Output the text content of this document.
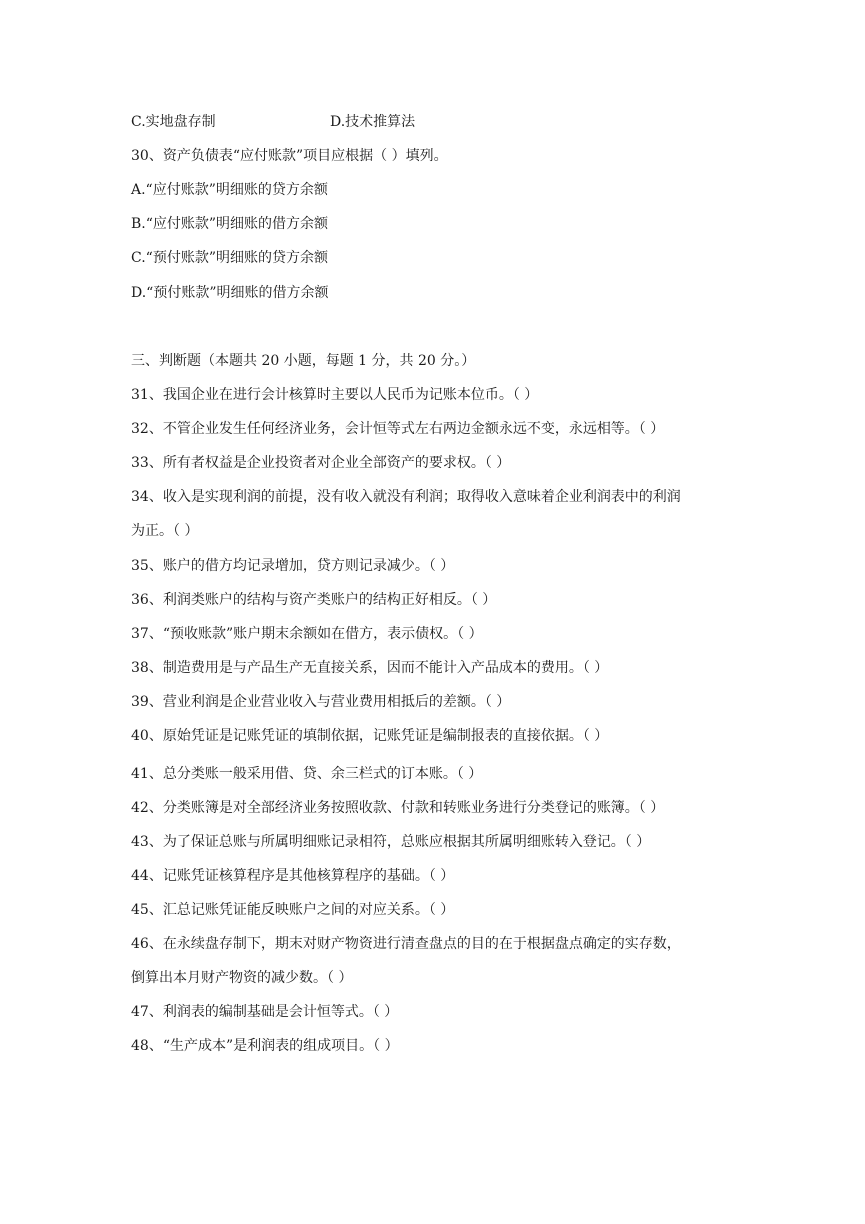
C.实地盘存制	D.技术推算法
30、资产负债表“应付账款”项目应根据（ ）填列。
A.“应付账款”明细账的贷方余额
B.“应付账款”明细账的借方余额
C.“预付账款”明细账的贷方余额
D.“预付账款”明细账的借方余额
三、判断题（本题共 20 小题，每题 1 分，共 20 分。）
31、我国企业在进行会计核算时主要以人民币为记账本位币。（ ）
32、不管企业发生任何经济业务，会计恒等式左右两边金额永远不变，永远相等。（ ）
33、所有者权益是企业投资者对企业全部资产的要求权。（ ）
34、收入是实现利润的前提，没有收入就没有利润；取得收入意味着企业利润表中的利润
为正。（ ）
35、账户的借方均记录增加，贷方则记录减少。（ ）
36、利润类账户的结构与资产类账户的结构正好相反。（ ）
37、“预收账款”账户期末余额如在借方，表示债权。（ ）
38、制造费用是与产品生产无直接关系，因而不能计入产品成本的费用。（ ）
39、营业利润是企业营业收入与营业费用相抵后的差额。（ ）
40、原始凭证是记账凭证的填制依据，记账凭证是编制报表的直接依据。（ ）
41、总分类账一般采用借、贷、余三栏式的订本账。（ ）
42、分类账簿是对全部经济业务按照收款、付款和转账业务进行分类登记的账簿。（ ）
43、为了保证总账与所属明细账记录相符，总账应根据其所属明细账转入登记。（ ）
44、记账凭证核算程序是其他核算程序的基础。（ ）
45、汇总记账凭证能反映账户之间的对应关系。（ ）
46、在永续盘存制下，期末对财产物资进行清查盘点的目的在于根据盘点确定的实存数，
倒算出本月财产物资的减少数。（ ）
47、利润表的编制基础是会计恒等式。（ ）
48、“生产成本”是利润表的组成项目。（ ）
